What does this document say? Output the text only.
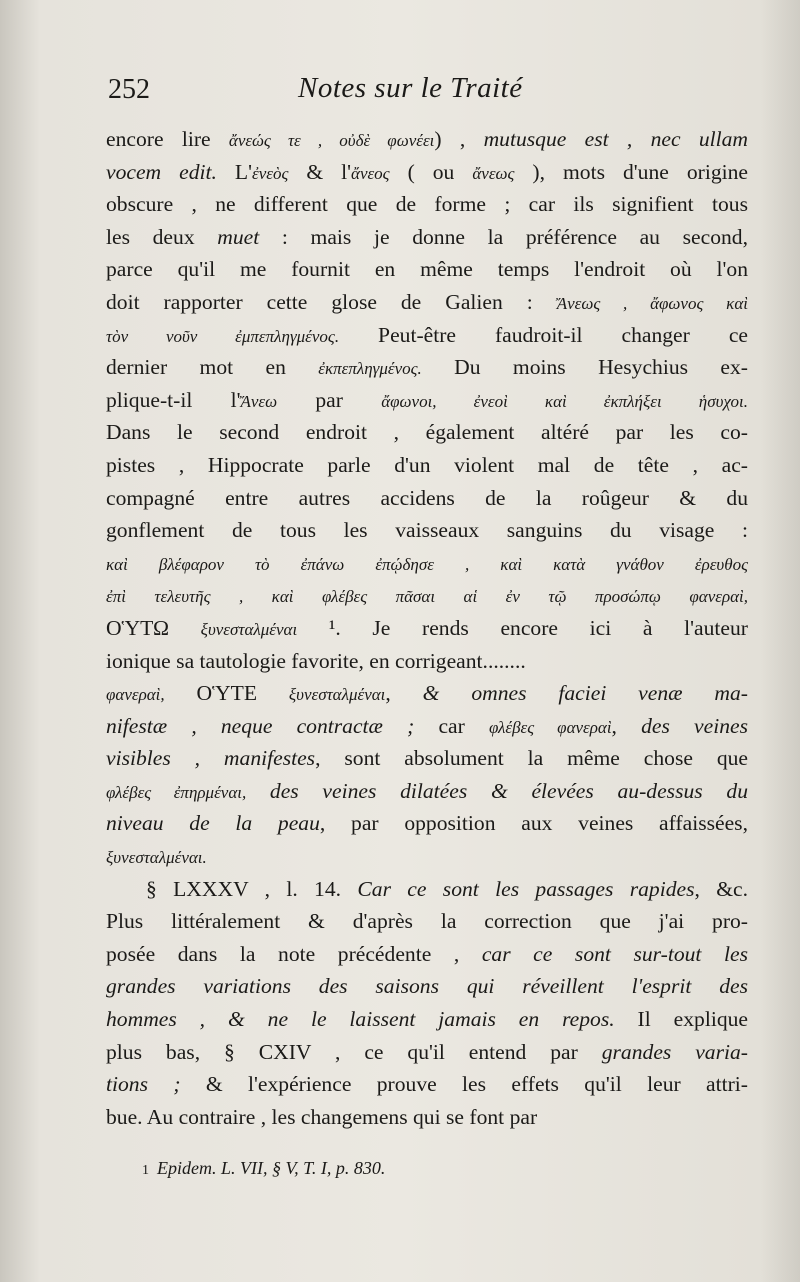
252	Notes sur le Traité
encore lire ἄνεώς τε , οὐδὲ φωνέει) , mutusque est , nec ullam
vocem edit. L'ἐνεὸς & l'ἄνεος ( ou ἄνεως ), mots d'une origine
obscure , ne different que de forme ; car ils signifient tous
les deux muet : mais je donne la préférence au second,
parce qu'il me fournit en même temps l'endroit où l'on
doit rapporter cette glose de Galien : Ἄνεως , ἄφωνος καὶ
τὸν νοῦν ἐμπεπληγμένος. Peut-être faudroit-il changer ce
dernier mot en ἐκπεπληγμένος. Du moins Hesychius ex-
plique-t-il l'Ἄνεω par ἄφωνοι, ἐνεοὶ καὶ ἐκπλήξει ἡσυχοι.
Dans le second endroit , également altéré par les co-
pistes , Hippocrate parle d'un violent mal de tête , ac-
compagné entre autres accidens de la roûgeur & du
gonflement de tous les vaisseaux sanguins du visage :
καὶ βλέφαρον τὸ ἐπάνω ἐπῴδησε , καὶ κατὰ γνάθον ἐρευθος
ἐπὶ τελευτῆς , καὶ φλέβες πᾶσαι αἱ ἐν τῷ προσώπῳ φανεραὶ,
ΟὙΤΩ ξυνεσταλμέναι ¹. Je rends encore ici à l'auteur
ionique sa tautologie favorite, en corrigeant........
φανεραὶ, ΟὙΤΕ ξυνεσταλμέναι, & omnes faciei venæ ma-
nifestæ , neque contractæ ; car φλέβες φανεραὶ, des veines
visibles , manifestes, sont absolument la même chose que
φλέβες ἐπηρμέναι, des veines dilatées & élevées au-dessus du
niveau de la peau, par opposition aux veines affaissées,
ξυνεσταλμέναι.
§ LXXXV , l. 14. Car ce sont les passages rapides, &c.
Plus littéralement & d'après la correction que j'ai pro-
posée dans la note précédente , car ce sont sur-tout les
grandes variations des saisons qui réveillent l'esprit des
hommes , & ne le laissent jamais en repos. Il explique
plus bas, § CXIV , ce qu'il entend par grandes varia-
tions ; & l'expérience prouve les effets qu'il leur attri-
bue. Au contraire , les changemens qui se font par
1 Epidem. L. VII, § V, T. I, p. 830.
